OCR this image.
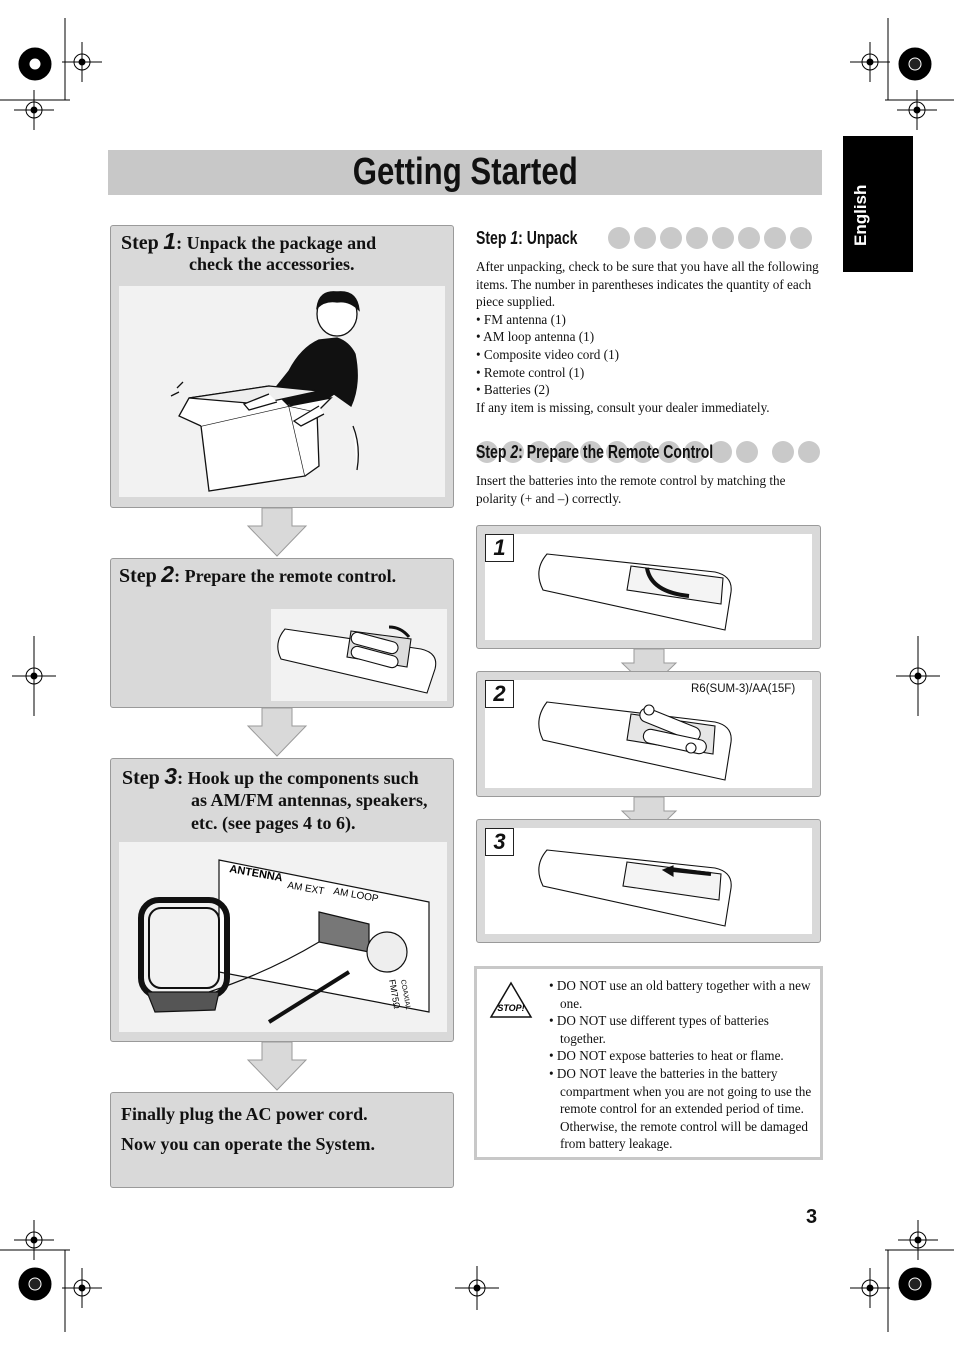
Getting Started
English
Step 1: Unpack the package and
check the accessories.
Step 2: Prepare the remote control.
Step 3: Hook up the components such
as AM/FM antennas, speakers,
etc. (see pages 4 to 6).
ANTENNA
AM EXT AM LOOP
FM75Ω
COAXIAL
Finally plug the AC power cord.
Now you can operate the System.
Step 1: Unpack

After unpacking, check to be sure that you have all the following items. The number in parentheses indicates the quantity of each piece supplied.

• FM antenna (1)

• AM loop antenna (1)

• Composite video cord (1)

• Remote control (1)

• Batteries (2)

If any item is missing, consult your dealer immediately.

Step 2: Prepare the Remote Control
Insert the batteries into the remote control by matching the polarity (+ and –) correctly.
1
2	R6(SUM-3)/AA(15F)
3
STOP!
• DO NOT use an old battery together with a new one.
• DO NOT use different types of batteries together.
• DO NOT expose batteries to heat or flame.
• DO NOT leave the batteries in the battery compartment when you are not going to use the remote control for an extended period of time. Otherwise, the remote control will be damaged from battery leakage.
3
